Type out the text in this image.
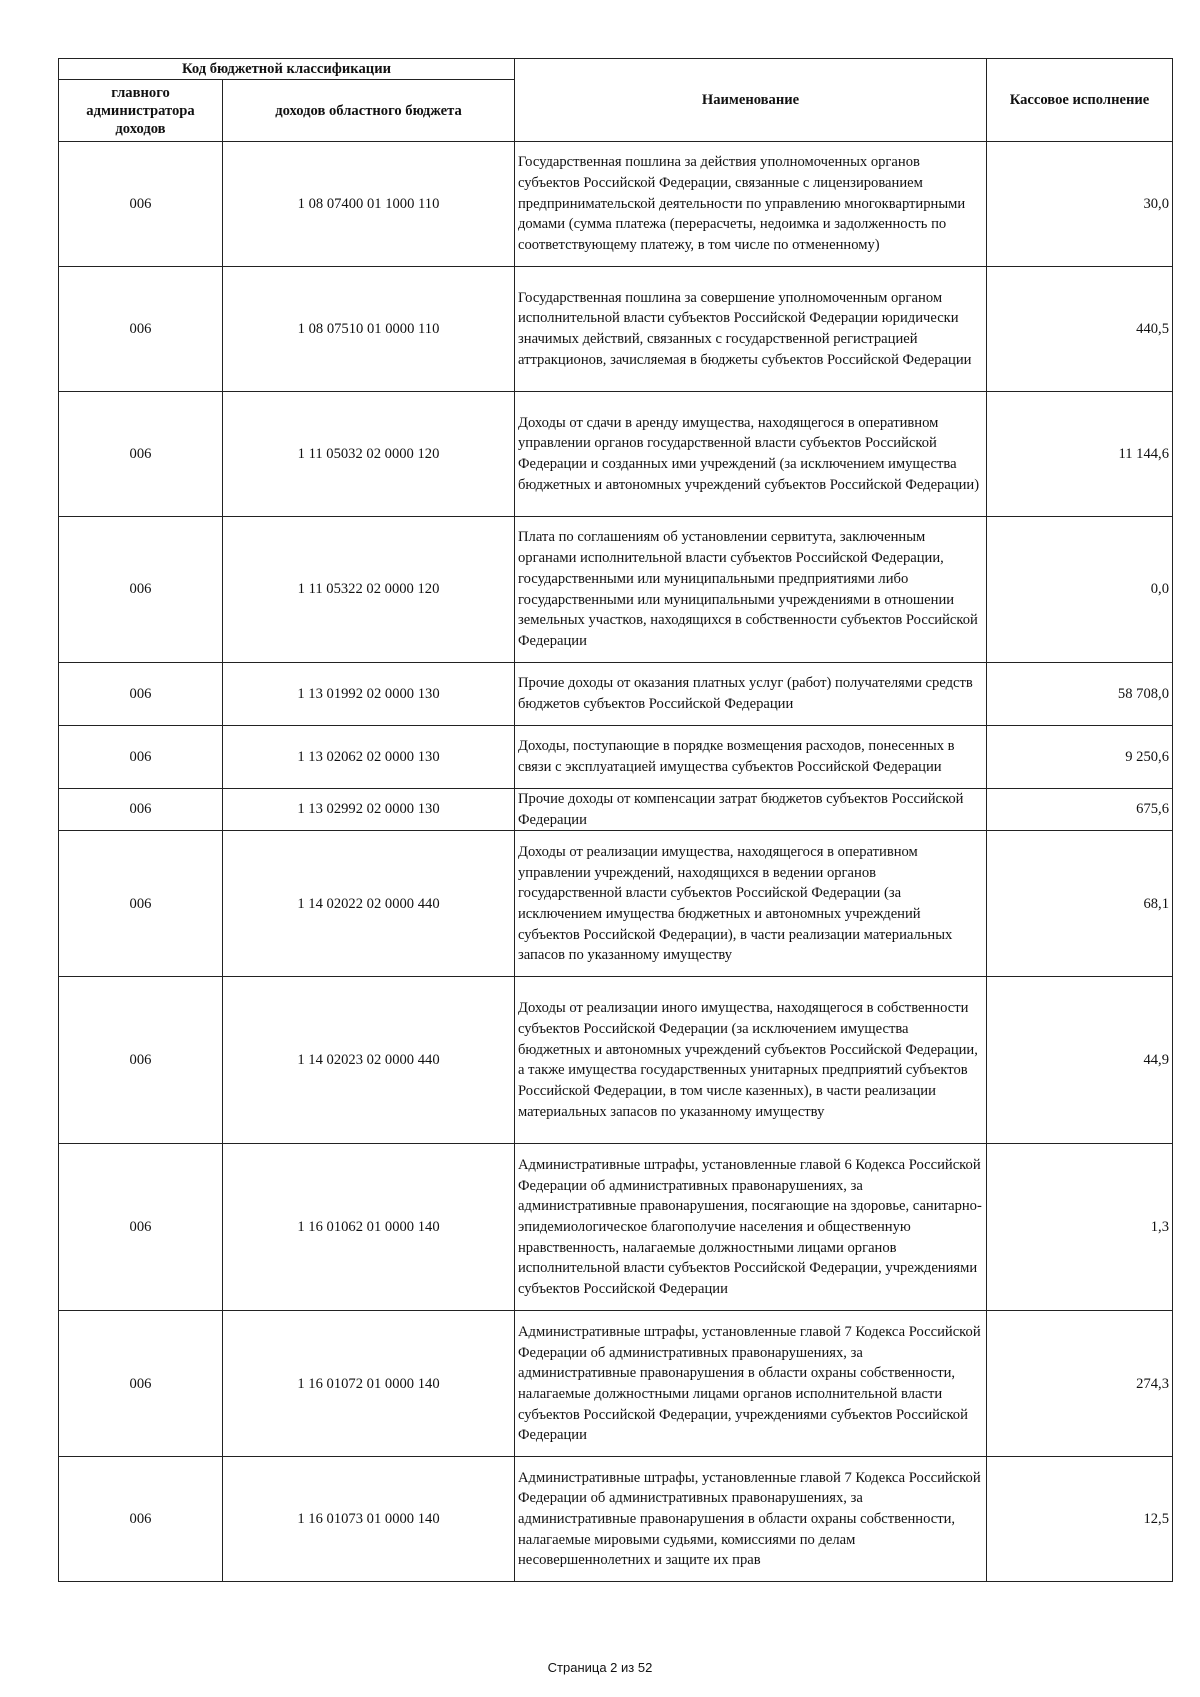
Код бюджетной классификации		Наименование	Кассовое исполнение
главного администратора доходов	доходов областного бюджета		
006	1 08 07400 01 1000 110	Государственная пошлина за действия уполномоченных органов субъектов Российской Федерации, связанные с лицензированием предпринимательской деятельности по управлению многоквартирными домами (сумма платежа (перерасчеты, недоимка и задолженность по соответствующему платежу, в том числе по отмененному)	30,0
006	1 08 07510 01 0000 110	Государственная пошлина за совершение уполномоченным органом исполнительной власти субъектов Российской Федерации юридически значимых действий, связанных с государственной регистрацией аттракционов, зачисляемая в бюджеты субъектов Российской Федерации	440,5
006	1 11 05032 02 0000 120	Доходы от сдачи в аренду имущества, находящегося в оперативном управлении органов государственной власти субъектов Российской Федерации и созданных ими учреждений (за исключением имущества бюджетных и автономных учреждений субъектов Российской Федерации)	11 144,6
006	1 11 05322 02 0000 120	Плата по соглашениям об установлении сервитута, заключенным органами исполнительной власти субъектов Российской Федерации, государственными или муниципальными предприятиями либо государственными или муниципальными учреждениями в отношении земельных участков, находящихся в собственности субъектов Российской Федерации	0,0
006	1 13 01992 02 0000 130	Прочие доходы от оказания платных услуг (работ) получателями средств бюджетов субъектов Российской Федерации	58 708,0
006	1 13 02062 02 0000 130	Доходы, поступающие в порядке возмещения расходов, понесенных в связи с эксплуатацией имущества субъектов Российской Федерации	9 250,6
006	1 13 02992 02 0000 130	Прочие доходы от компенсации затрат бюджетов субъектов Российской Федерации	675,6
006	1 14 02022 02 0000 440	Доходы от реализации имущества, находящегося в оперативном управлении учреждений, находящихся в ведении органов государственной власти субъектов Российской Федерации (за исключением имущества бюджетных и автономных учреждений субъектов Российской Федерации), в части реализации материальных запасов по указанному имуществу	68,1
006	1 14 02023 02 0000 440	Доходы от реализации иного имущества, находящегося в собственности субъектов Российской Федерации (за исключением имущества бюджетных и автономных учреждений субъектов Российской Федерации, а также имущества государственных унитарных предприятий субъектов Российской Федерации, в том числе казенных), в части реализации материальных запасов по указанному имуществу	44,9
006	1 16 01062 01 0000 140	Административные штрафы, установленные главой 6 Кодекса Российской Федерации об административных правонарушениях, за административные правонарушения, посягающие на здоровье, санитарно-эпидемиологическое благополучие населения и общественную нравственность, налагаемые должностными лицами органов исполнительной власти субъектов Российской Федерации, учреждениями субъектов Российской Федерации	1,3
006	1 16 01072 01 0000 140	Административные штрафы, установленные главой 7 Кодекса Российской Федерации об административных правонарушениях, за административные правонарушения в области охраны собственности, налагаемые должностными лицами органов исполнительной власти субъектов Российской Федерации, учреждениями субъектов Российской Федерации	274,3
006	1 16 01073 01 0000 140	Административные штрафы, установленные главой 7 Кодекса Российской Федерации об административных правонарушениях, за административные правонарушения в области охраны собственности, налагаемые мировыми судьями, комиссиями по делам несовершеннолетних и защите их прав	12,5
Страница 2 из 52
